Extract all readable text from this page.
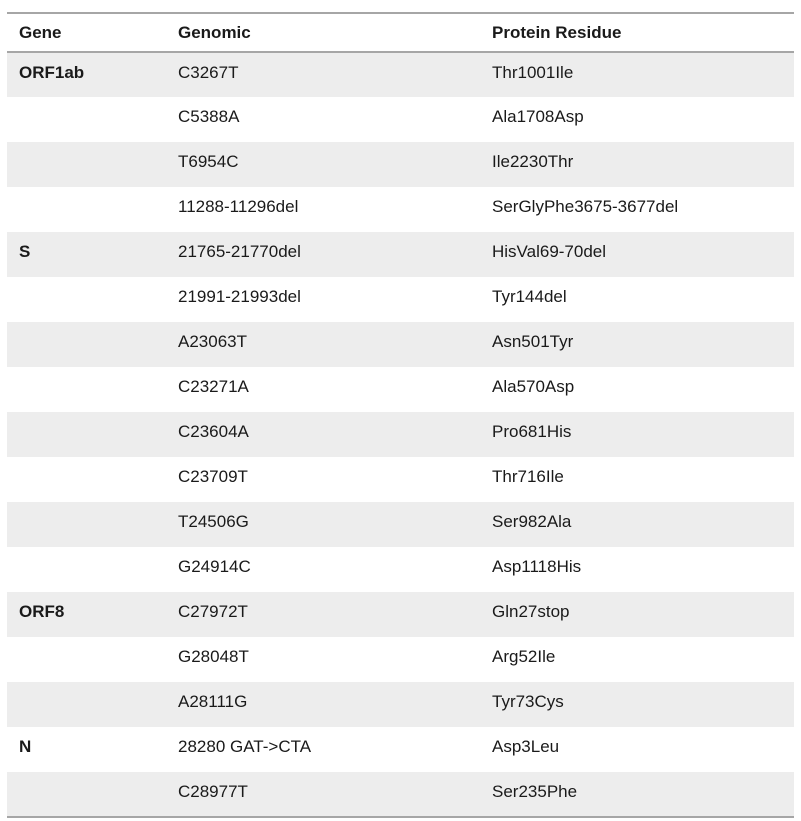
Gene	Genomic	Protein Residue
ORF1ab	C3267T	Thr1001Ile
	C5388A	Ala1708Asp
	T6954C	Ile2230Thr
	11288-11296del	SerGlyPhe3675-3677del
S	21765-21770del	HisVal69-70del
	21991-21993del	Tyr144del
	A23063T	Asn501Tyr
	C23271A	Ala570Asp
	C23604A	Pro681His
	C23709T	Thr716Ile
	T24506G	Ser982Ala
	G24914C	Asp1118His
ORF8	C27972T	Gln27stop
	G28048T	Arg52Ile
	A28111G	Tyr73Cys
N	28280 GAT->CTA	Asp3Leu
	C28977T	Ser235Phe
